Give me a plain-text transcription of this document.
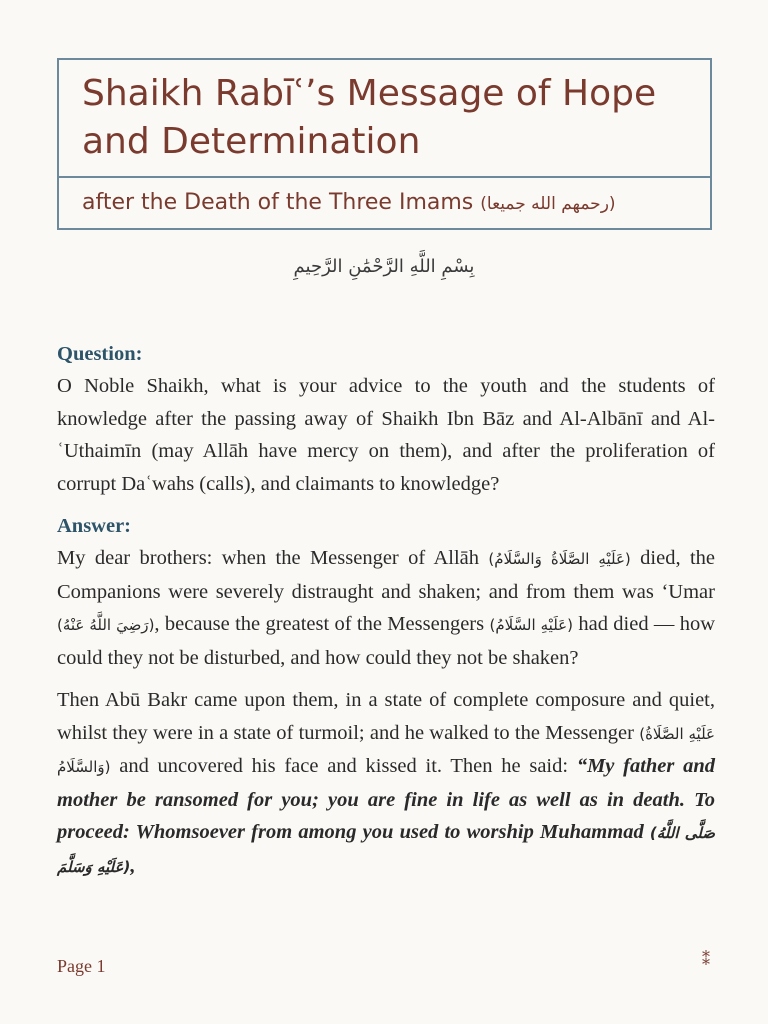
Shaikh Rabīʿ’s Message of Hope
and Determination
after the Death of the Three Imams (رحمهم الله جميعا)
بِسْمِ اللَّهِ الرَّحْمَٰنِ الرَّحِيمِ
Question:

O Noble Shaikh, what is your advice to the youth and the students of knowledge after the passing away of Shaikh Ibn Bāz and Al-Albānī and Al-ʿUthaimīn (may Allāh have mercy on them), and after the proliferation of corrupt Daʿwahs (calls), and claimants to knowledge?

Answer:

My dear brothers: when the Messenger of Allāh (عَلَيْهِ الصَّلَاةُ وَالسَّلَامُ) died, the Companions were severely distraught and shaken; and from them was ‘Umar (رَضِيَ اللَّهُ عَنْهُ), because the greatest of the Messengers (عَلَيْهِ السَّلَامُ) had died — how could they not be disturbed, and how could they not be shaken?

Then Abū Bakr came upon them, in a state of complete composure and quiet, whilst they were in a state of turmoil; and he walked to the Messenger (عَلَيْهِ الصَّلَاةُ وَالسَّلَامُ) and uncovered his face and kissed it. Then he said: “My father and mother be ransomed for you; you are fine in life as well as in death. To proceed: Whomsoever from among you used to worship Muhammad (صَلَّى اللَّهُ عَلَيْهِ وَسَلَّمَ),

Page 1	⁑
